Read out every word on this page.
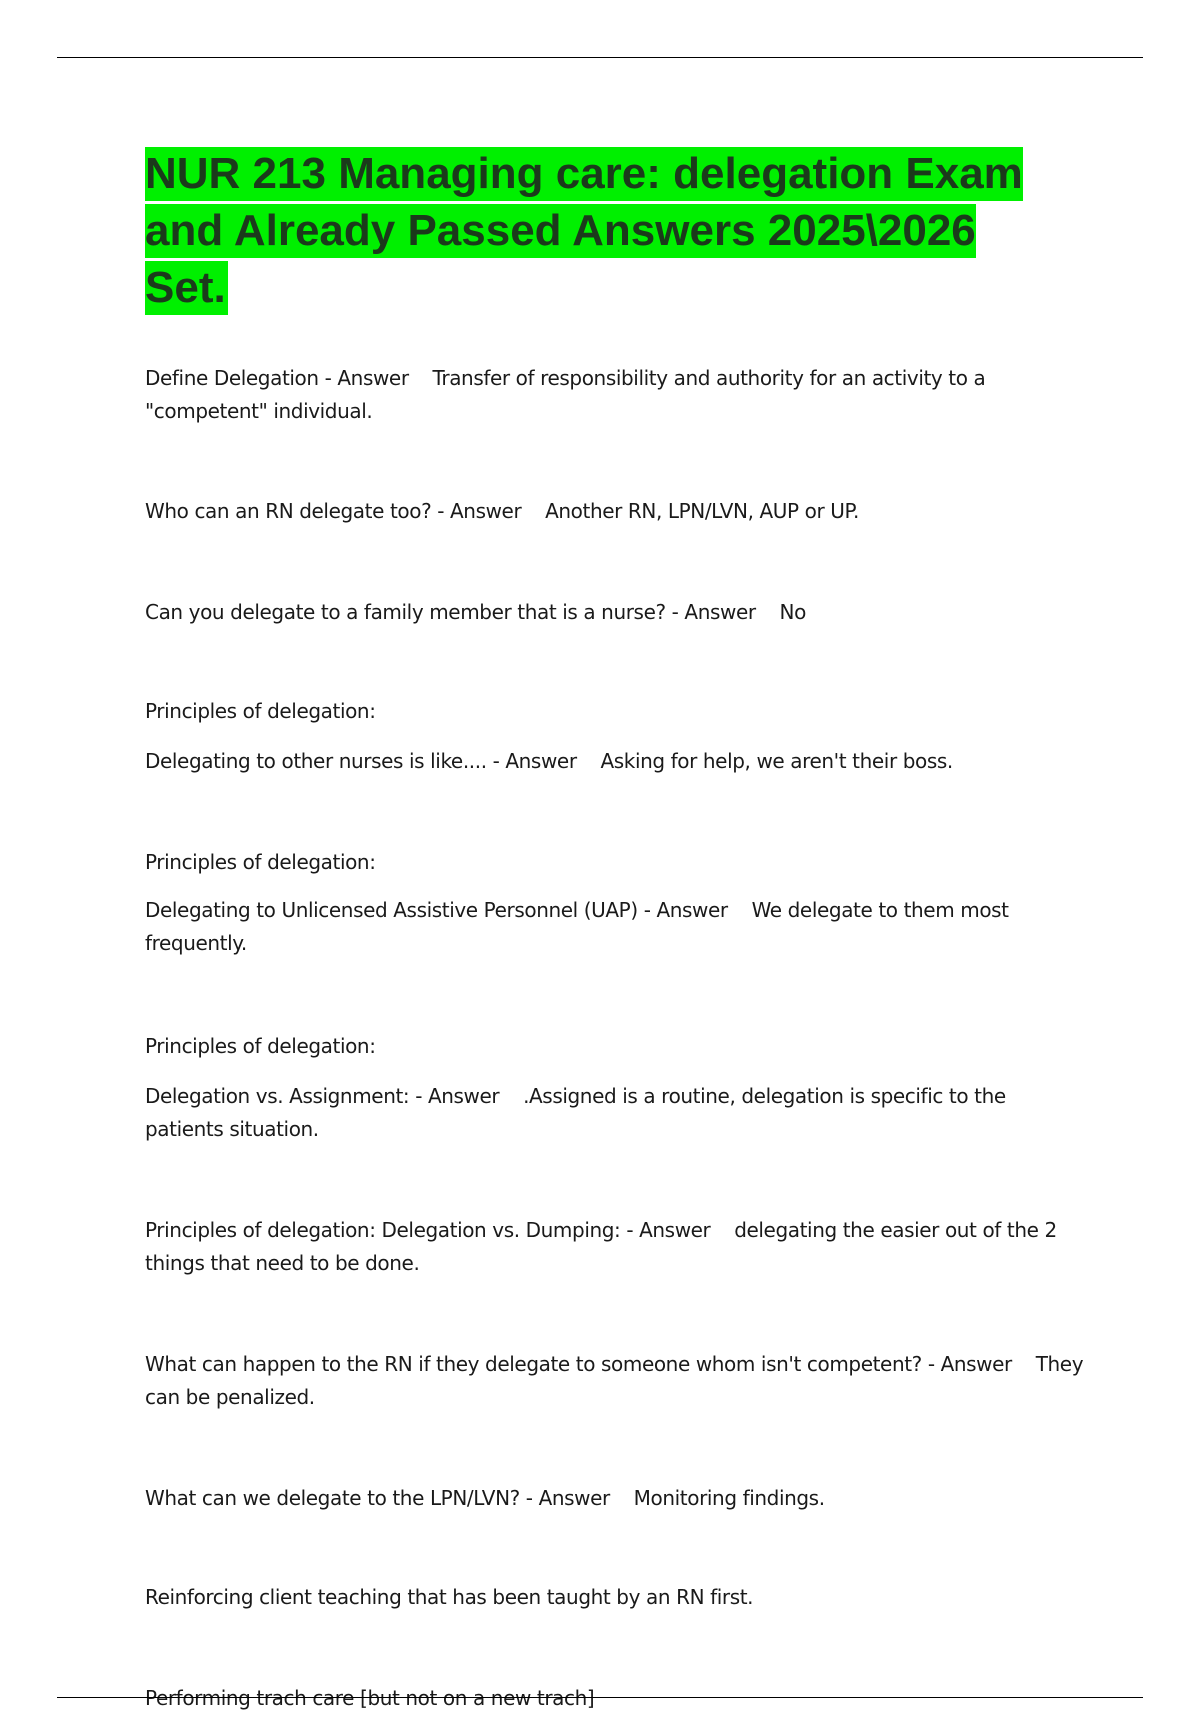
NUR 213 Managing care: delegation Exam and Already Passed Answers 2025\2026 Set.

Define Delegation - Answer    Transfer of responsibility and authority for an activity to a "competent" individual.

Who can an RN delegate too? - Answer    Another RN, LPN/LVN, AUP or UP.

Can you delegate to a family member that is a nurse? - Answer    No

Principles of delegation:

Delegating to other nurses is like.... - Answer    Asking for help, we aren't their boss.

Principles of delegation:

Delegating to Unlicensed Assistive Personnel (UAP) - Answer    We delegate to them most frequently.

Principles of delegation:

Delegation vs. Assignment: - Answer    .Assigned is a routine, delegation is specific to the patients situation.

Principles of delegation: Delegation vs. Dumping: - Answer    delegating the easier out of the 2 things that need to be done.

What can happen to the RN if they delegate to someone whom isn't competent? - Answer    They can be penalized.

What can we delegate to the LPN/LVN? - Answer    Monitoring findings.

Reinforcing client teaching that has been taught by an RN first.

Performing trach care [but not on a new trach]
